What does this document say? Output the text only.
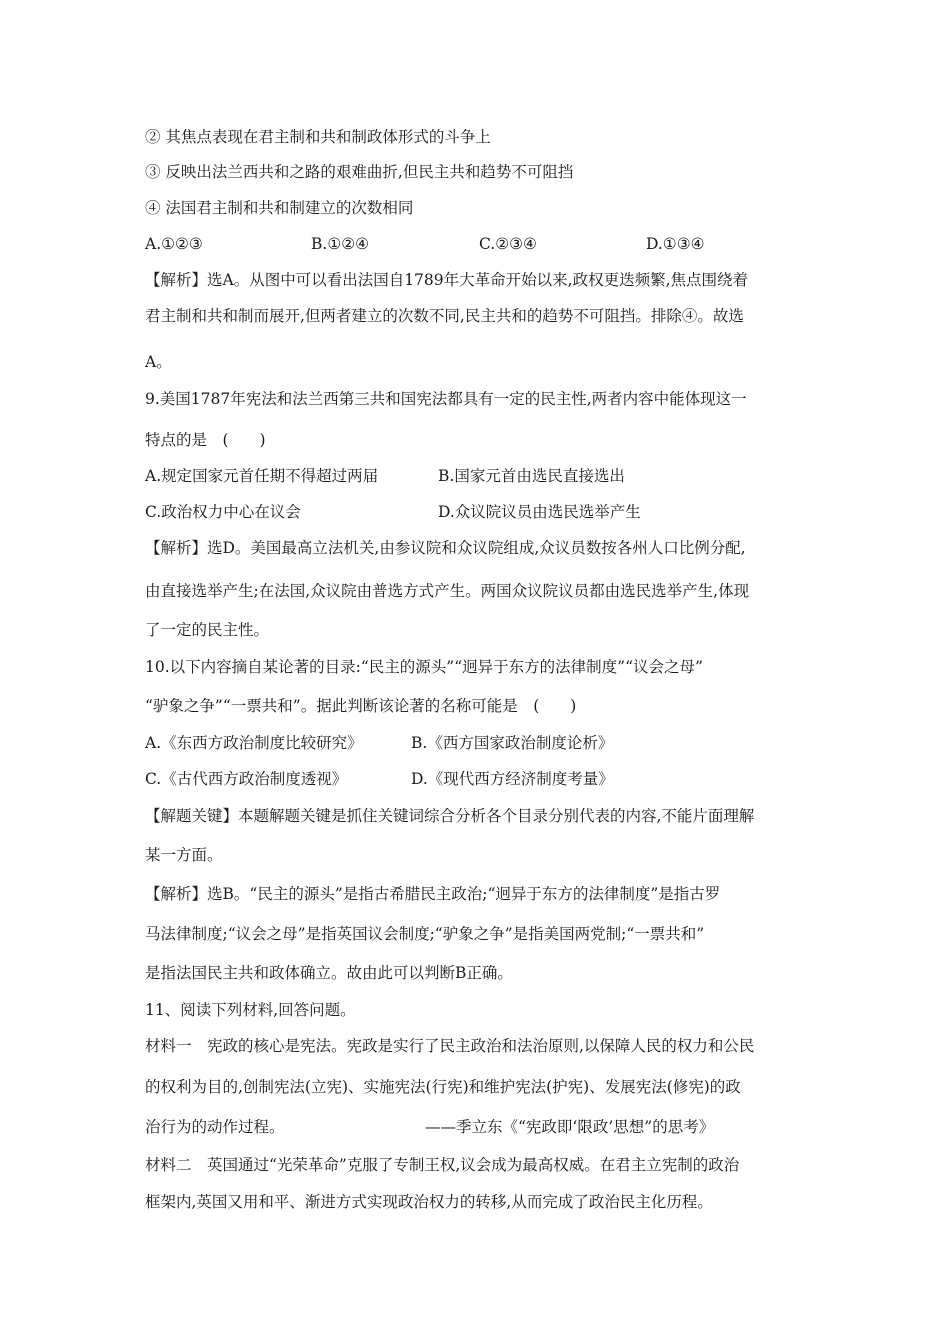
② 其焦点表现在君主制和共和制政体形式的斗争上
③ 反映出法兰西共和之路的艰难曲折,但民主共和趋势不可阻挡
④ 法国君主制和共和制建立的次数相同
A.①②③	B.①②④	C.②③④	D.①③④
【解析】选A。从图中可以看出法国自1789年大革命开始以来,政权更迭频繁,焦点围绕着
君主制和共和制而展开,但两者建立的次数不同,民主共和的趋势不可阻挡。排除④。故选
A。
9.美国1787年宪法和法兰西第三共和国宪法都具有一定的民主性,两者内容中能体现这一
特点的是　(　　)
A.规定国家元首任期不得超过两届	B.国家元首由选民直接选出
C.政治权力中心在议会	D.众议院议员由选民选举产生
【解析】选D。美国最高立法机关,由参议院和众议院组成,众议员数按各州人口比例分配,
由直接选举产生;在法国,众议院由普选方式产生。两国众议院议员都由选民选举产生,体现
了一定的民主性。
10.以下内容摘自某论著的目录:“民主的源头”“迥异于东方的法律制度”“议会之母”
“驴象之争”“一票共和”。据此判断该论著的名称可能是　(　　)
A.《东西方政治制度比较研究》	B.《西方国家政治制度论析》
C.《古代西方政治制度透视》	D.《现代西方经济制度考量》
【解题关键】本题解题关键是抓住关键词综合分析各个目录分别代表的内容,不能片面理解
某一方面。
【解析】选B。“民主的源头”是指古希腊民主政治;“迥异于东方的法律制度”是指古罗
马法律制度;“议会之母”是指英国议会制度;“驴象之争”是指美国两党制;“一票共和”
是指法国民主共和政体确立。故由此可以判断B正确。
11、阅读下列材料,回答问题。
材料一　宪政的核心是宪法。宪政是实行了民主政治和法治原则,以保障人民的权力和公民
的权利为目的,创制宪法(立宪)、实施宪法(行宪)和维护宪法(护宪)、发展宪法(修宪)的政
治行为的动作过程。	——季立东《“宪政即‘限政’思想”的思考》
材料二　英国通过“光荣革命”克服了专制王权,议会成为最高权威。在君主立宪制的政治
框架内,英国又用和平、渐进方式实现政治权力的转移,从而完成了政治民主化历程。
